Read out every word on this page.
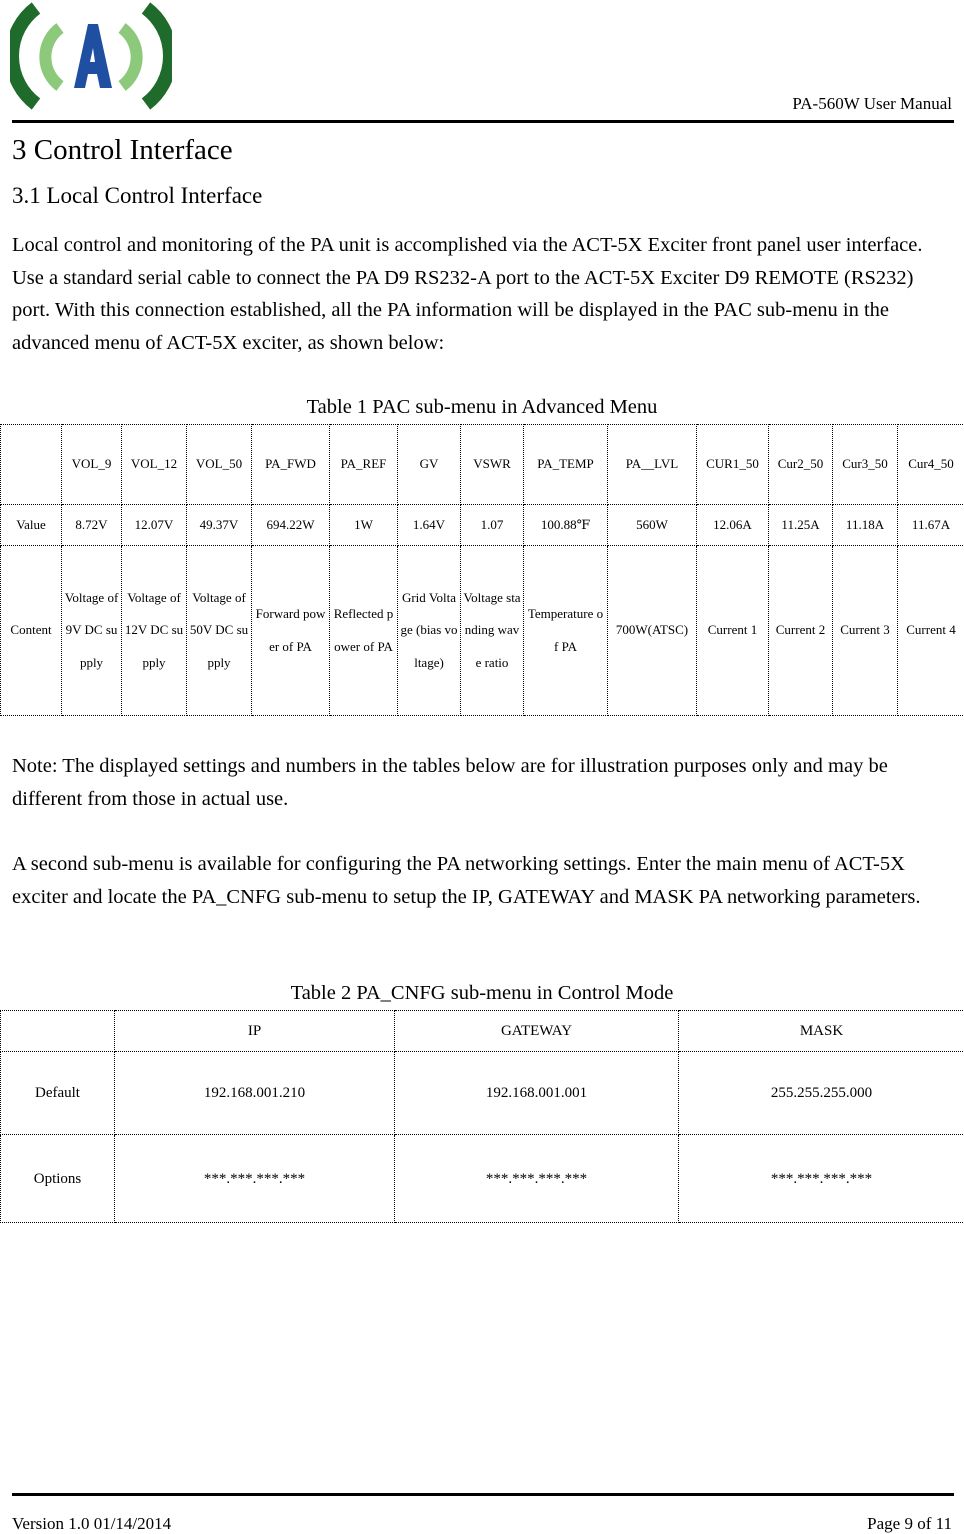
PA-560W User Manual
3 Control Interface
3.1 Local Control Interface

Local control and monitoring of the PA unit is accomplished via the ACT-5X Exciter front panel user interface. Use a standard serial cable to connect the PA D9 RS232-A port to the ACT-5X Exciter D9 REMOTE (RS232) port. With this connection established, all the PA information will be displayed in the PAC sub-menu in the advanced menu of ACT-5X exciter, as shown below:

Table 1 PAC sub-menu in Advanced Menu
	VOL_9	VOL_12	VOL_50	PA_FWD	PA_REF	GV	VSWR	PA_TEMP	PA__LVL	CUR1_50	Cur2_50	Cur3_50	Cur4_50
Value	8.72V	12.07V	49.37V	694.22W	1W	1.64V	1.07	100.88℉	560W	12.06A	11.25A	11.18A	11.67A
Content	Voltage of 9V DC supply	Voltage of 12V DC supply	Voltage of 50V DC supply	Forward power of PA	Reflected power of PA	Grid Voltage (bias voltage)	Voltage standing wave ratio	Temperature of PA	700W(ATSC)	Current 1	Current 2	Current 3	Current 4

Note: The displayed settings and numbers in the tables below are for illustration purposes only and may be different from those in actual use.

A second sub-menu is available for configuring the PA networking settings. Enter the main menu of ACT-5X exciter and locate the PA_CNFG sub-menu to setup the IP, GATEWAY and MASK PA networking parameters.

Table 2 PA_CNFG sub-menu in Control Mode
	IP	GATEWAY	MASK
Default	192.168.001.210	192.168.001.001	255.255.255.000
Options	***.***.***.***	***.***.***.***	***.***.***.***
Version 1.0 01/14/2014	Page 9 of 11
